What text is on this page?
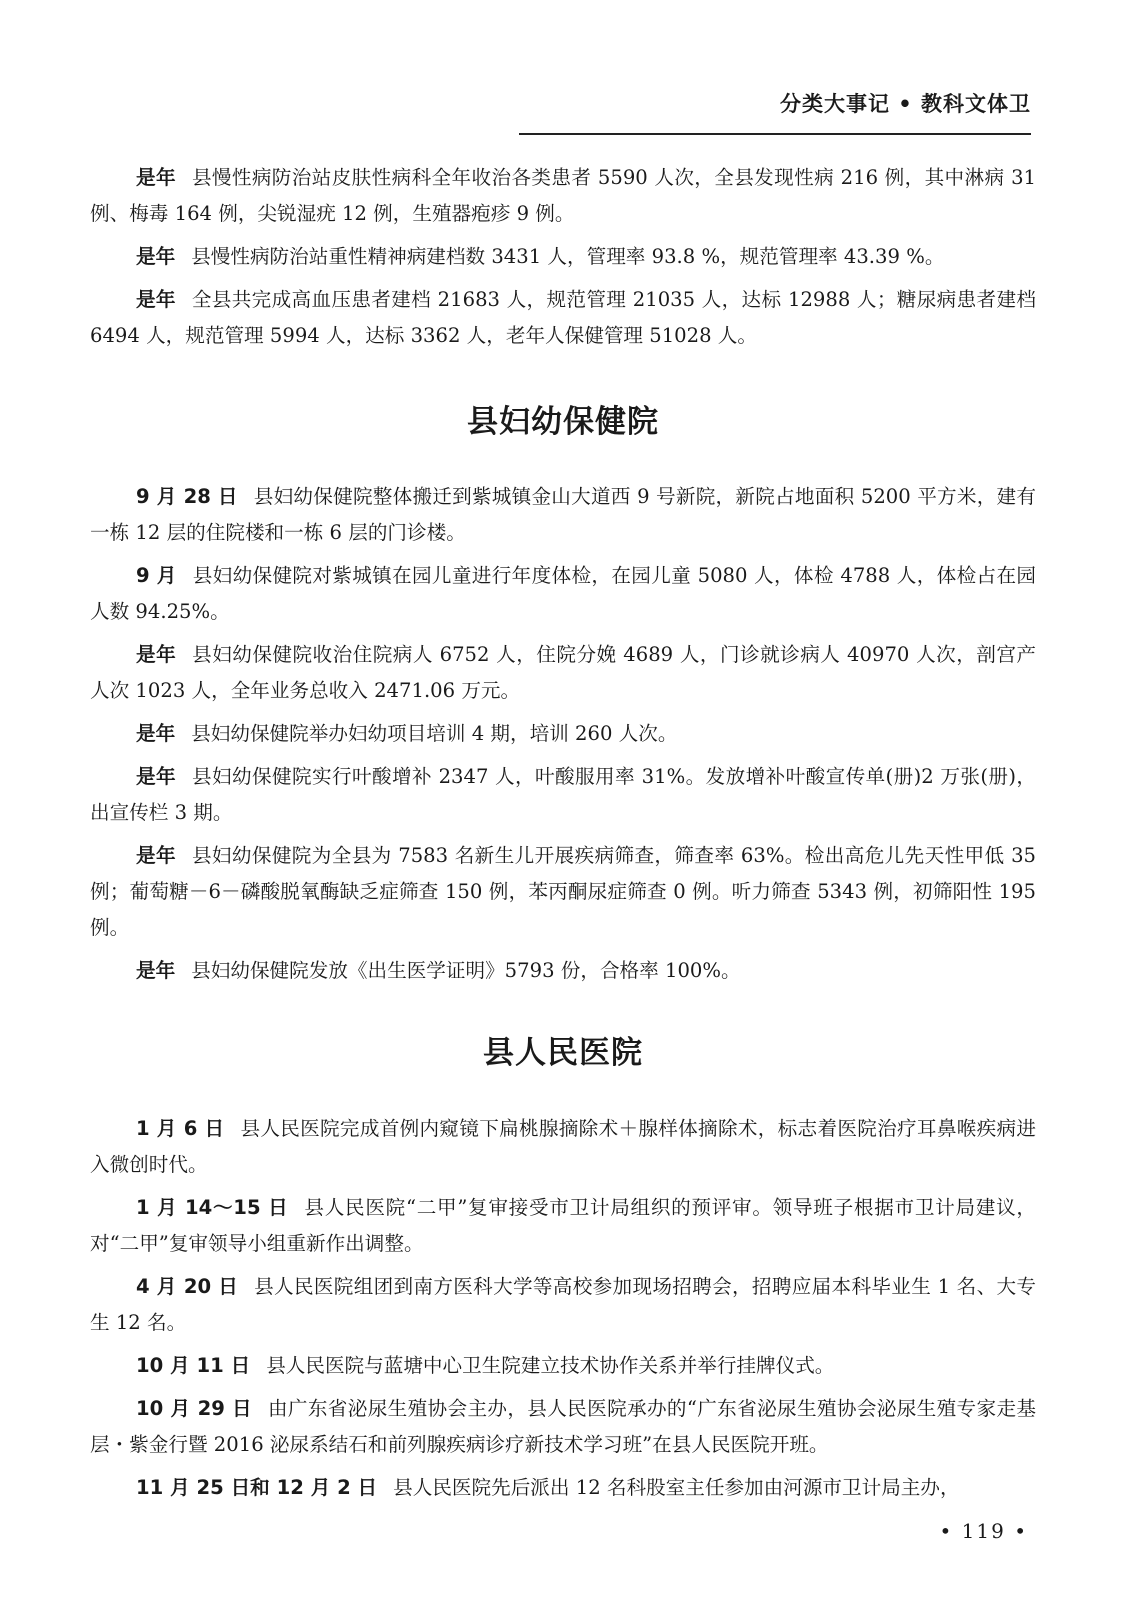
分类大事记 • 教科文体卫

是年 县慢性病防治站皮肤性病科全年收治各类患者 5590 人次，全县发现性病 216 例，其中淋病 31 例、梅毒 164 例，尖锐湿疣 12 例，生殖器疱疹 9 例。

是年 县慢性病防治站重性精神病建档数 3431 人，管理率 93.8 %，规范管理率 43.39 %。

是年 全县共完成高血压患者建档 21683 人，规范管理 21035 人，达标 12988 人；糖尿病患者建档 6494 人，规范管理 5994 人，达标 3362 人，老年人保健管理 51028 人。

县妇幼保健院

9 月 28 日 县妇幼保健院整体搬迁到紫城镇金山大道西 9 号新院，新院占地面积 5200 平方米，建有一栋 12 层的住院楼和一栋 6 层的门诊楼。

9 月 县妇幼保健院对紫城镇在园儿童进行年度体检，在园儿童 5080 人，体检 4788 人，体检占在园人数 94.25%。

是年 县妇幼保健院收治住院病人 6752 人，住院分娩 4689 人，门诊就诊病人 40970 人次，剖宫产人次 1023 人，全年业务总收入 2471.06 万元。

是年 县妇幼保健院举办妇幼项目培训 4 期，培训 260 人次。

是年 县妇幼保健院实行叶酸增补 2347 人，叶酸服用率 31%。发放增补叶酸宣传单(册)2 万张(册)，出宣传栏 3 期。

是年 县妇幼保健院为全县为 7583 名新生儿开展疾病筛查，筛查率 63%。检出高危儿先天性甲低 35 例；葡萄糖－6－磷酸脱氧酶缺乏症筛查 150 例，苯丙酮尿症筛查 0 例。听力筛查 5343 例，初筛阳性 195 例。

是年 县妇幼保健院发放《出生医学证明》5793 份，合格率 100%。

县人民医院

1 月 6 日 县人民医院完成首例内窥镜下扁桃腺摘除术＋腺样体摘除术，标志着医院治疗耳鼻喉疾病进入微创时代。

1 月 14～15 日 县人民医院“二甲”复审接受市卫计局组织的预评审。领导班子根据市卫计局建议，对“二甲”复审领导小组重新作出调整。

4 月 20 日 县人民医院组团到南方医科大学等高校参加现场招聘会，招聘应届本科毕业生 1 名、大专生 12 名。

10 月 11 日 县人民医院与蓝塘中心卫生院建立技术协作关系并举行挂牌仪式。

10 月 29 日 由广东省泌尿生殖协会主办，县人民医院承办的“广东省泌尿生殖协会泌尿生殖专家走基层・紫金行暨 2016 泌尿系结石和前列腺疾病诊疗新技术学习班”在县人民医院开班。

11 月 25 日和 12 月 2 日 县人民医院先后派出 12 名科股室主任参加由河源市卫计局主办，

• 119 •
